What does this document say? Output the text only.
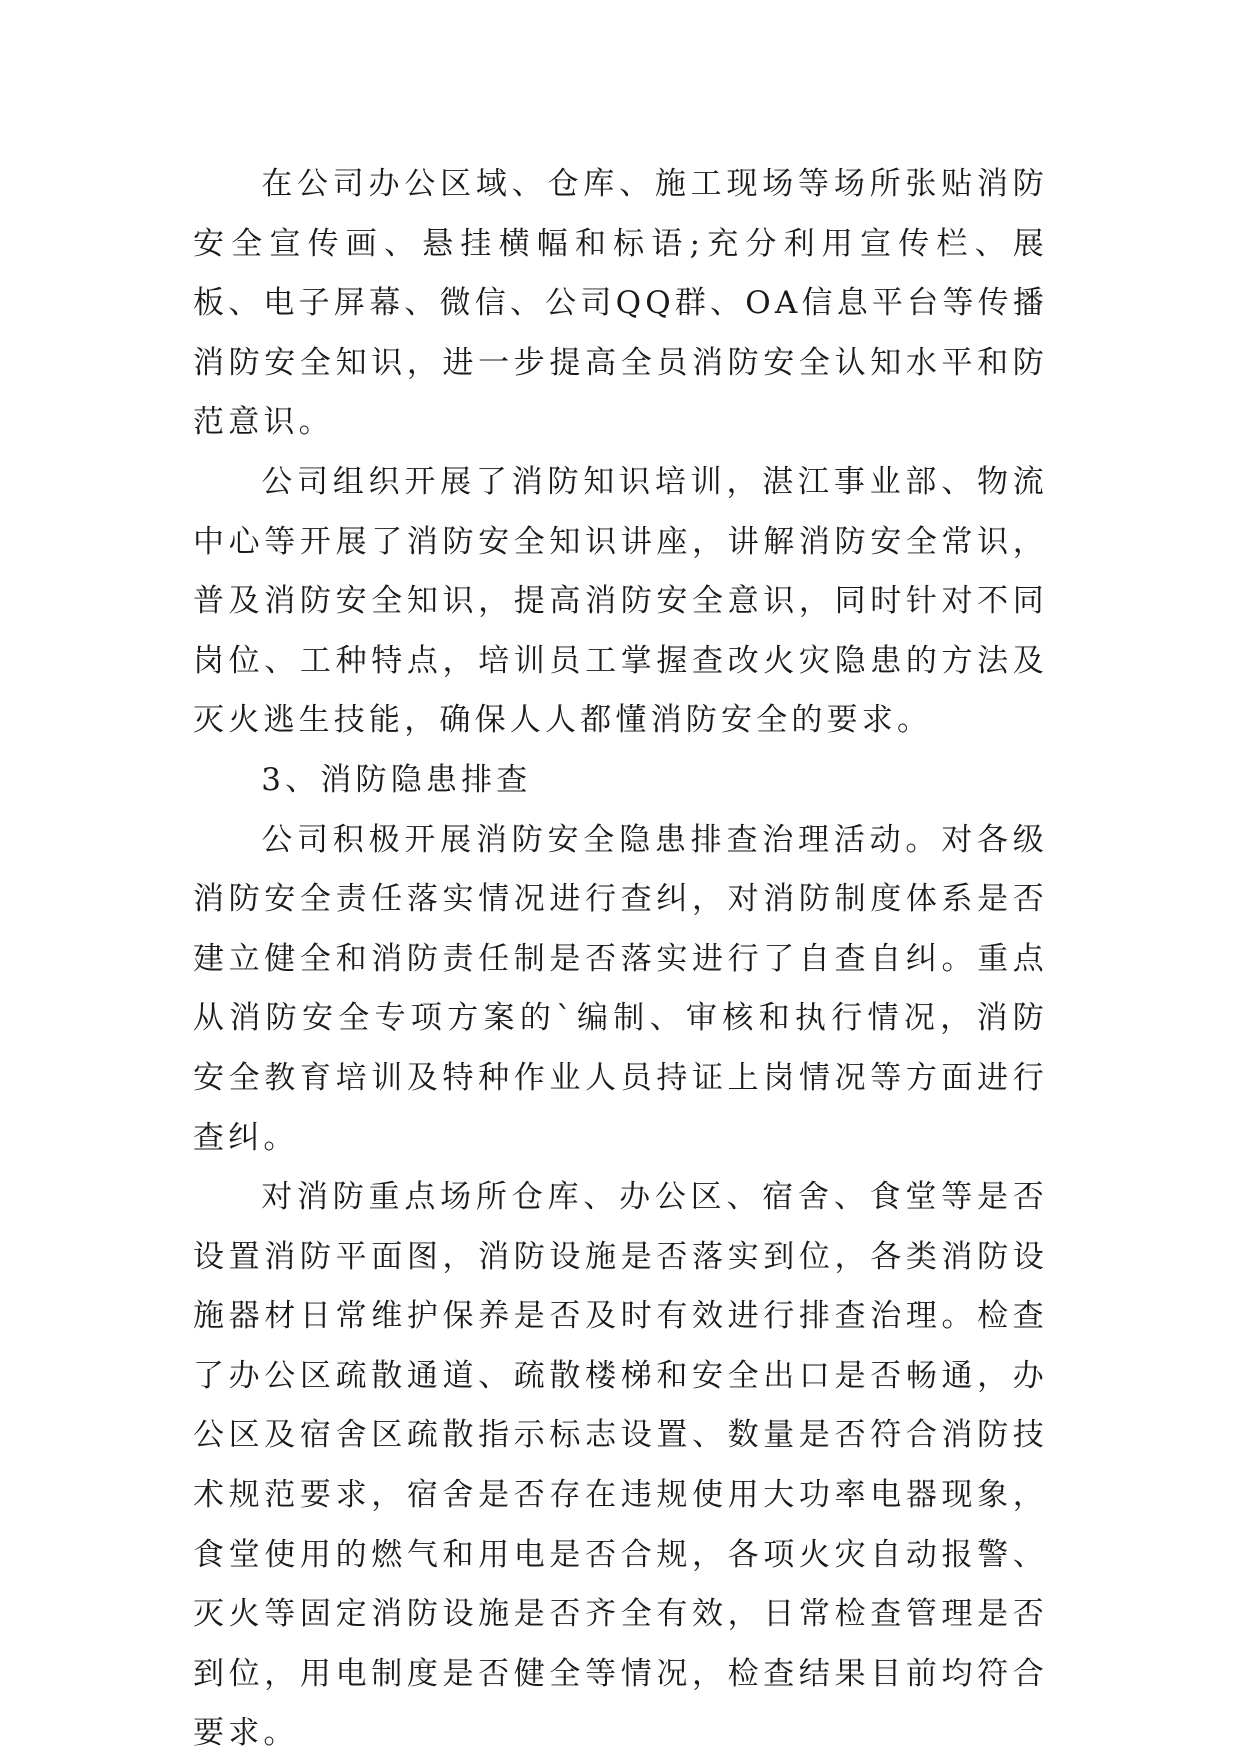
在公司办公区域、仓库、施工现场等场所张贴消防安全宣传画、悬挂横幅和标语;充分利用宣传栏、展板、电子屏幕、微信、公司QQ群、OA信息平台等传播消防安全知识，进一步提高全员消防安全认知水平和防范意识。

公司组织开展了消防知识培训，湛江事业部、物流中心等开展了消防安全知识讲座，讲解消防安全常识，普及消防安全知识，提高消防安全意识，同时针对不同岗位、工种特点，培训员工掌握查改火灾隐患的方法及灭火逃生技能，确保人人都懂消防安全的要求。

3、消防隐患排查

公司积极开展消防安全隐患排查治理活动。对各级消防安全责任落实情况进行查纠，对消防制度体系是否建立健全和消防责任制是否落实进行了自查自纠。重点从消防安全专项方案的`编制、审核和执行情况，消防安全教育培训及特种作业人员持证上岗情况等方面进行查纠。

对消防重点场所仓库、办公区、宿舍、食堂等是否设置消防平面图，消防设施是否落实到位，各类消防设施器材日常维护保养是否及时有效进行排查治理。检查了办公区疏散通道、疏散楼梯和安全出口是否畅通，办公区及宿舍区疏散指示标志设置、数量是否符合消防技术规范要求，宿舍是否存在违规使用大功率电器现象，食堂使用的燃气和用电是否合规，各项火灾自动报警、灭火等固定消防设施是否齐全有效，日常检查管理是否到位，用电制度是否健全等情况，检查结果目前均符合要求。
